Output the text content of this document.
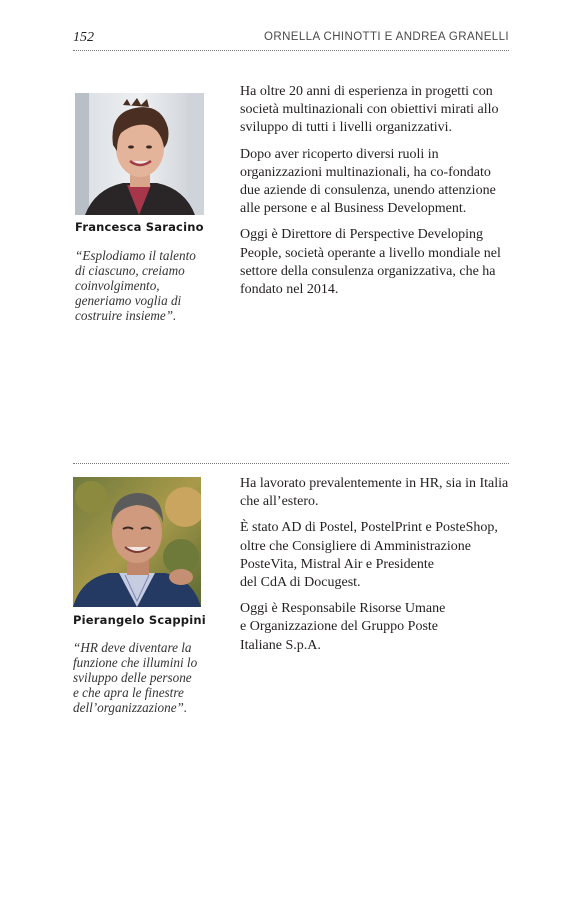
152	ORNELLA CHINOTTI E ANDREA GRANELLI
Francesca Saracino
“Esplodiamo il talento
di ciascuno, creiamo
coinvolgimento,
generiamo voglia di
costruire insieme”.

Ha oltre 20 anni di esperienza in progetti con
società multinazionali con obiettivi mirati allo
sviluppo di tutti i livelli organizzativi.

Dopo aver ricoperto diversi ruoli in
organizzazioni multinazionali, ha co-fondato
due aziende di consulenza, unendo attenzione
alle persone e al Business Development.

Oggi è Direttore di Perspective Developing
People, società operante a livello mondiale nel
settore della consulenza organizzativa, che ha
fondato nel 2014.

Pierangelo Scappini
“HR deve diventare la
funzione che illumini lo
sviluppo delle persone
e che apra le finestre
dell’organizzazione”.

Ha lavorato prevalentemente in HR, sia in Italia
che all’estero.

È stato AD di Postel, PostelPrint e PosteShop,
oltre che Consigliere di Amministrazione
PosteVita, Mistral Air e Presidente
del CdA di Docugest.

Oggi è Responsabile Risorse Umane
e Organizzazione del Gruppo Poste
Italiane S.p.A.
